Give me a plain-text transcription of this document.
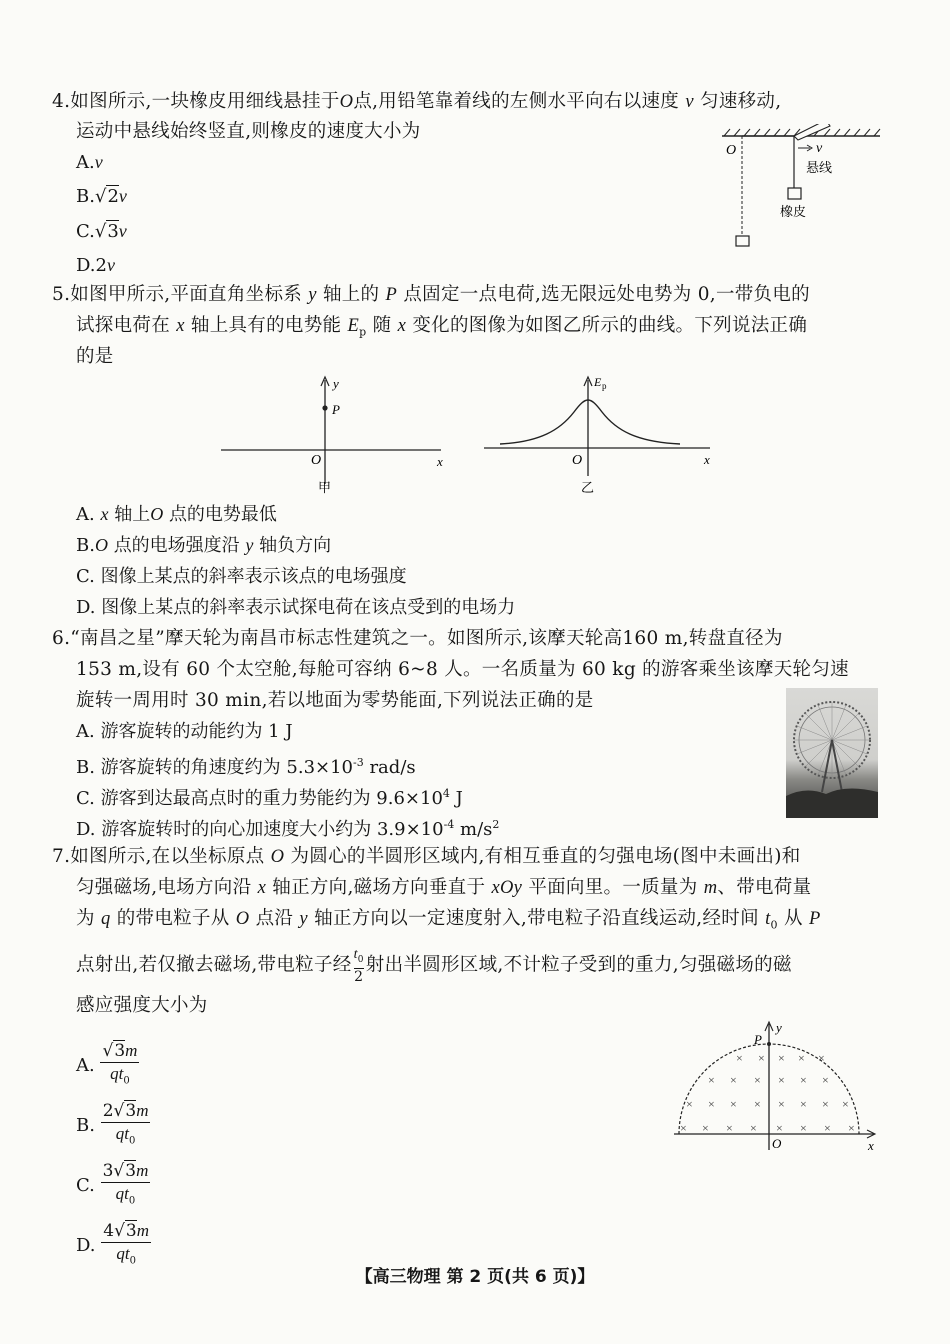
4.如图所示,一块橡皮用细线悬挂于O点,用铅笔靠着线的左侧水平向右以速度 v 匀速移动,
运动中悬线始终竖直,则橡皮的速度大小为
A.v
B.√2v
C.√3v
D.2v
O	v
悬线
橡皮
5.如图甲所示,平面直角坐标系 y 轴上的 P 点固定一点电荷,选无限远处电势为 0,一带负电的
试探电荷在 x 轴上具有的电势能 $E_p$ 随 x 变化的图像为如图乙所示的曲线。下列说法正确
的是
y
P
O	x
甲
E p
O	x
乙
A. x 轴上O 点的电势最低
B.O 点的电场强度沿 y 轴负方向
C. 图像上某点的斜率表示该点的电场强度
D. 图像上某点的斜率表示试探电荷在该点受到的电场力
6.“南昌之星”摩天轮为南昌市标志性建筑之一。如图所示,该摩天轮高160 m,转盘直径为
153 m,设有 60 个太空舱,每舱可容纳 6~8 人。一名质量为 60 kg 的游客乘坐该摩天轮匀速
旋转一周用时 30 min,若以地面为零势能面,下列说法正确的是
A. 游客旋转的动能约为 1 J
B. 游客旋转的角速度约为 $5.3\times 10^{-3}$ rad/s
C. 游客到达最高点时的重力势能约为 $9.6\times 10^4$ J
D. 游客旋转时的向心加速度大小约为 $3.9\times 10^{-4}$ $m/s^2$
7.如图所示,在以坐标原点 O 为圆心的半圆形区域内,有相互垂直的匀强电场(图中未画出)和
匀强磁场,电场方向沿 x 轴正方向,磁场方向垂直于 xOy 平面向里。一质量为 m、带电荷量
为 q 的带电粒子从 O 点沿 y 轴正方向以一定速度射入,带电粒子沿直线运动,经时间 $t_0$ 从 P
点射出,若仅撤去磁场,带电粒子经 $\frac{t_0}{2}$ 射出半圆形区域,不计粒子受到的重力,匀强磁场的磁
感应强度大小为
A. $\frac{√3m}{qt_0}$
B. $\frac{2√3m}{qt_0}$
C. $\frac{3√3m}{qt_0}$
D. $\frac{4√3m}{qt_0}$
× × × ×
×
× × × × × ×
× × × × × × × ×
× × × × × × × ×
P
y
O	x
【高三物理 第 2 页(共 6 页)】
